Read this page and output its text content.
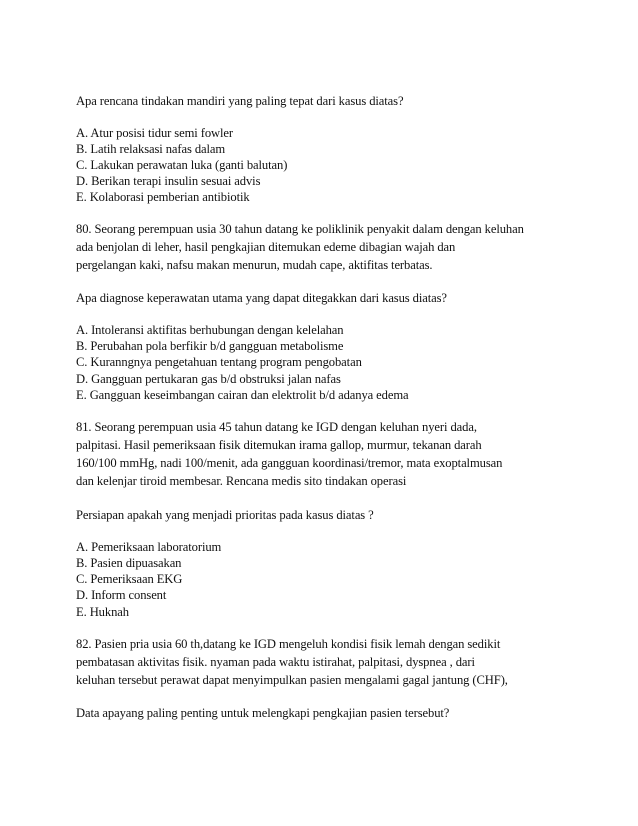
Apa rencana tindakan mandiri yang paling tepat dari kasus diatas?
A. Atur posisi tidur semi fowler
B. Latih relaksasi nafas dalam
C. Lakukan perawatan luka (ganti balutan)
D. Berikan terapi insulin sesuai advis
E. Kolaborasi pemberian antibiotik
80. Seorang perempuan usia 30 tahun datang ke poliklinik penyakit dalam dengan keluhan
ada benjolan di leher, hasil pengkajian ditemukan edeme dibagian wajah dan
pergelangan kaki, nafsu makan menurun, mudah cape, aktifitas terbatas.
Apa diagnose keperawatan utama yang dapat ditegakkan dari kasus diatas?
A. Intoleransi aktifitas berhubungan dengan kelelahan
B. Perubahan pola berfikir b/d gangguan metabolisme
C. Kuranngnya pengetahuan tentang program pengobatan
D. Gangguan pertukaran gas b/d obstruksi jalan nafas
E. Gangguan keseimbangan cairan dan elektrolit b/d adanya edema
81. Seorang perempuan usia 45 tahun datang ke IGD dengan keluhan nyeri dada,
palpitasi. Hasil pemeriksaan fisik ditemukan irama gallop, murmur, tekanan darah
160/100 mmHg, nadi 100/menit, ada gangguan koordinasi/tremor, mata exoptalmusan
dan kelenjar tiroid membesar. Rencana medis sito tindakan operasi
Persiapan apakah yang menjadi prioritas pada kasus diatas ?
A. Pemeriksaan laboratorium
B. Pasien dipuasakan
C. Pemeriksaan EKG
D. Inform consent
E. Huknah
82. Pasien pria usia 60 th,datang ke IGD mengeluh kondisi fisik lemah dengan sedikit
pembatasan aktivitas fisik. nyaman pada waktu istirahat, palpitasi, dyspnea , dari
keluhan tersebut perawat dapat menyimpulkan pasien mengalami gagal jantung (CHF),
Data apayang paling penting untuk melengkapi pengkajian pasien tersebut?
